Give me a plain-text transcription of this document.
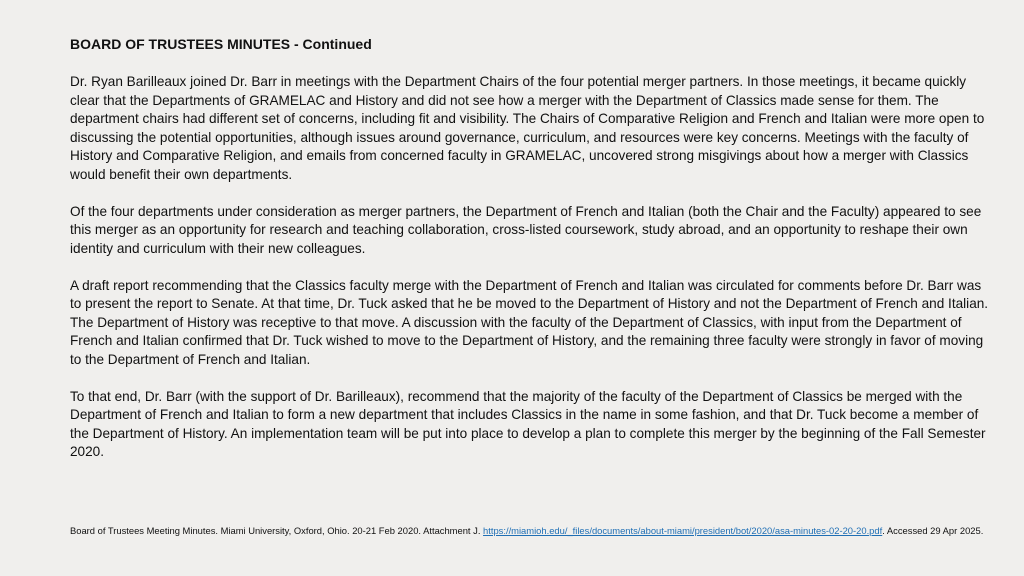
BOARD OF TRUSTEES MINUTES - Continued

Dr. Ryan Barilleaux joined Dr. Barr in meetings with the Department Chairs of the four potential merger partners. In those meetings, it became quickly clear that the Departments of GRAMELAC and History and did not see how a merger with the Department of Classics made sense for them. The department chairs had different set of concerns, including fit and visibility. The Chairs of Comparative Religion and French and Italian were more open to discussing the potential opportunities, although issues around governance, curriculum, and resources were key concerns. Meetings with the faculty of History and Comparative Religion, and emails from concerned faculty in GRAMELAC, uncovered strong misgivings about how a merger with Classics would benefit their own departments.

Of the four departments under consideration as merger partners, the Department of French and Italian (both the Chair and the Faculty) appeared to see this merger as an opportunity for research and teaching collaboration, cross-listed coursework, study abroad, and an opportunity to reshape their own identity and curriculum with their new colleagues.

A draft report recommending that the Classics faculty merge with the Department of French and Italian was circulated for comments before Dr. Barr was to present the report to Senate. At that time, Dr. Tuck asked that he be moved to the Department of History and not the Department of French and Italian. The Department of History was receptive to that move. A discussion with the faculty of the Department of Classics, with input from the Department of French and Italian confirmed that Dr. Tuck wished to move to the Department of History, and the remaining three faculty were strongly in favor of moving to the Department of French and Italian.

To that end, Dr. Barr (with the support of Dr. Barilleaux), recommend that the majority of the faculty of the Department of Classics be merged with the Department of French and Italian to form a new department that includes Classics in the name in some fashion, and that Dr. Tuck become a member of the Department of History. An implementation team will be put into place to develop a plan to complete this merger by the beginning of the Fall Semester 2020.

Board of Trustees Meeting Minutes. Miami University, Oxford, Ohio. 20-21 Feb 2020. Attachment J. https://miamioh.edu/_files/documents/about-miami/president/bot/2020/asa-minutes-02-20-20.pdf. Accessed 29 Apr 2025.
